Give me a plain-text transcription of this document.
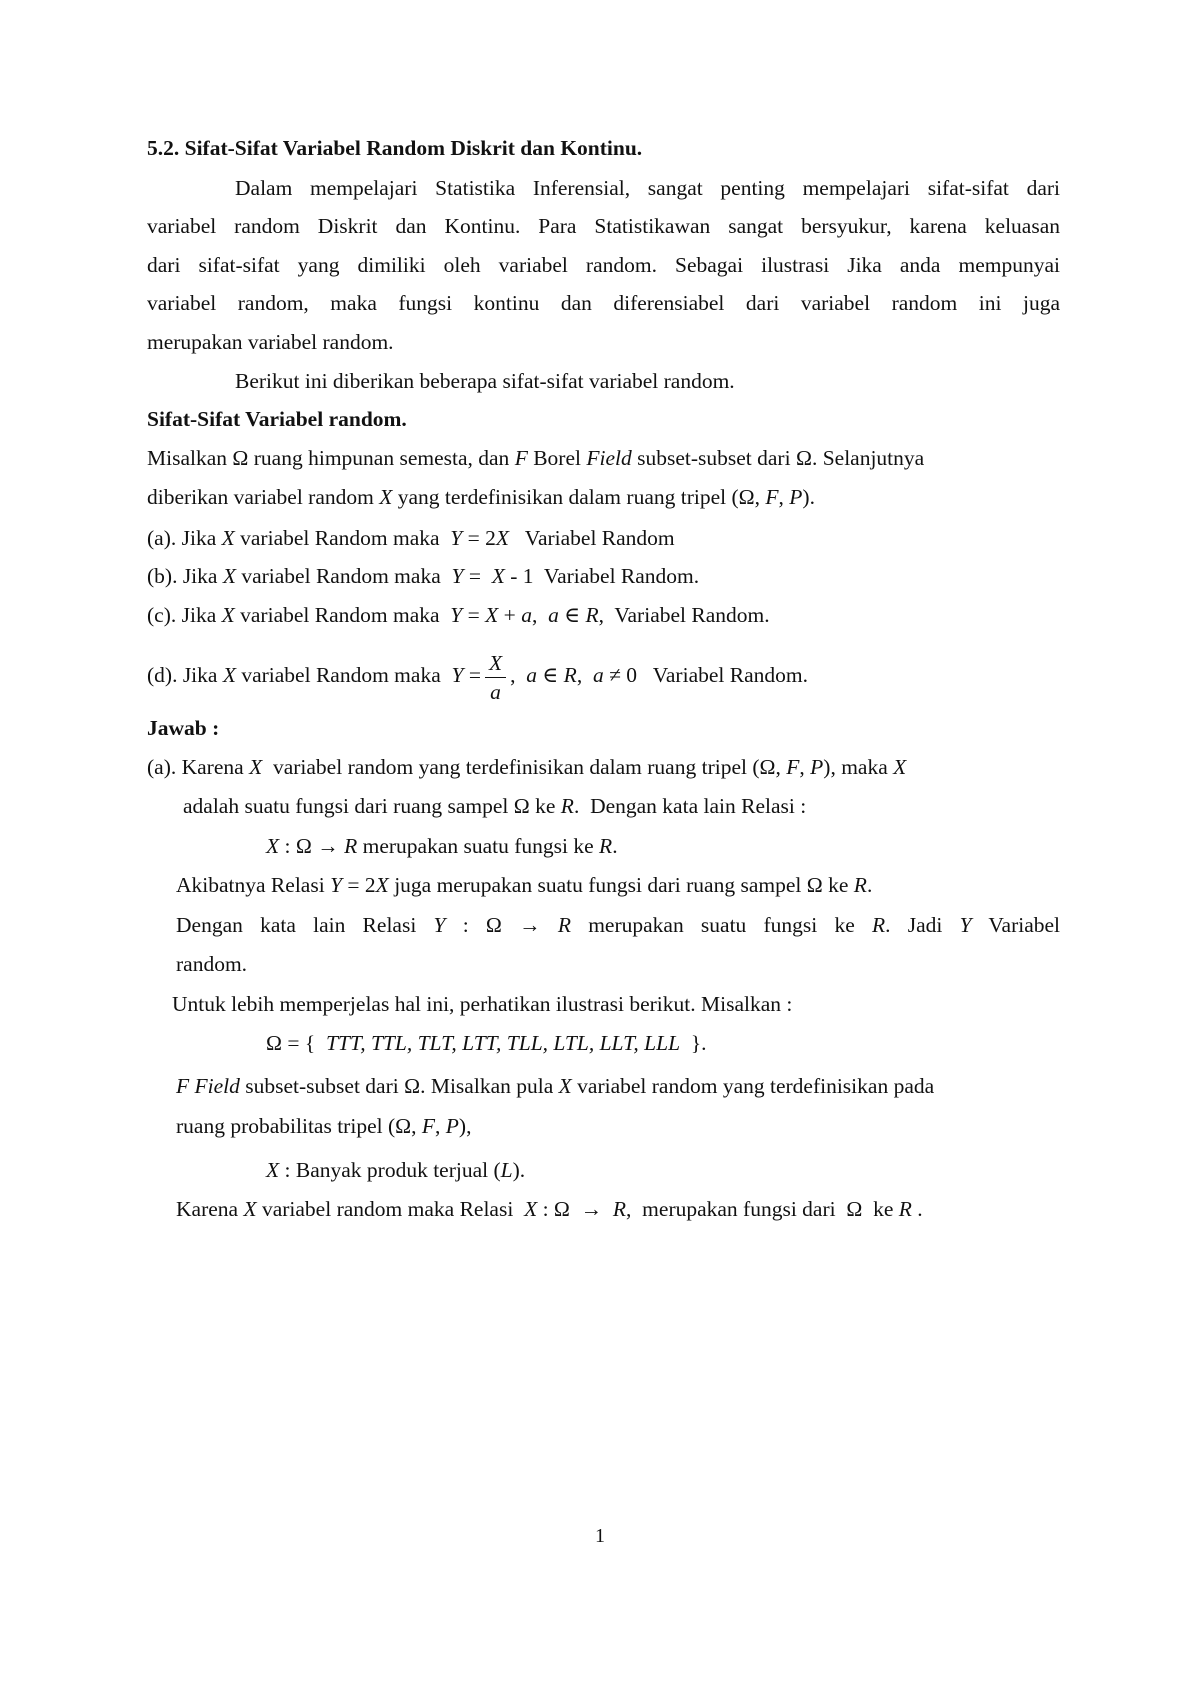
5.2. Sifat-Sifat Variabel Random Diskrit dan Kontinu.
Dalam mempelajari Statistika Inferensial, sangat penting mempelajari sifat-sifat dari
variabel random Diskrit dan Kontinu. Para Statistikawan sangat bersyukur, karena keluasan
dari sifat-sifat yang dimiliki oleh variabel random. Sebagai ilustrasi Jika anda mempunyai
variabel random, maka fungsi kontinu dan diferensiabel dari variabel random ini juga
merupakan variabel random.
Berikut ini diberikan beberapa sifat-sifat variabel random.
Sifat-Sifat Variabel random.
Misalkan Ω ruang himpunan semesta, dan F Borel Field subset-subset dari Ω. Selanjutnya
diberikan variabel random X yang terdefinisikan dalam ruang tripel (Ω, F, P).
(a). Jika X variabel Random maka Y = 2X Variabel Random
(b). Jika X variabel Random maka Y =  X - 1 Variabel Random.
(c). Jika X variabel Random maka Y = X + a,  a ∈ R, Variabel Random.
(d). Jika X variabel Random maka $Y = \frac{X}{a}$ ,  a ∈ R,  a ≠ 0 Variabel Random.
Jawab :
(a). Karena X variabel random yang terdefinisikan dalam ruang tripel (Ω, F, P), maka X
adalah suatu fungsi dari ruang sampel Ω ke R.  Dengan kata lain Relasi :
X : Ω → R merupakan suatu fungsi ke R.
Akibatnya Relasi Y = 2X juga merupakan suatu fungsi dari ruang sampel Ω ke R.
Dengan kata lain Relasi Y : Ω → R merupakan suatu fungsi ke R. Jadi Y Variabel
random.
Untuk lebih memperjelas hal ini, perhatikan ilustrasi berikut. Misalkan :
Ω = {  TTT, TTL, TLT, LTT, TLL, LTL, LLT, LLL  }.
F Field subset-subset dari Ω. Misalkan pula X variabel random yang terdefinisikan pada
ruang probabilitas tripel (Ω, F, P),
X : Banyak produk terjual (L).
Karena X variabel random maka Relasi X : Ω  →  R,  merupakan fungsi dari Ω ke R .
1
